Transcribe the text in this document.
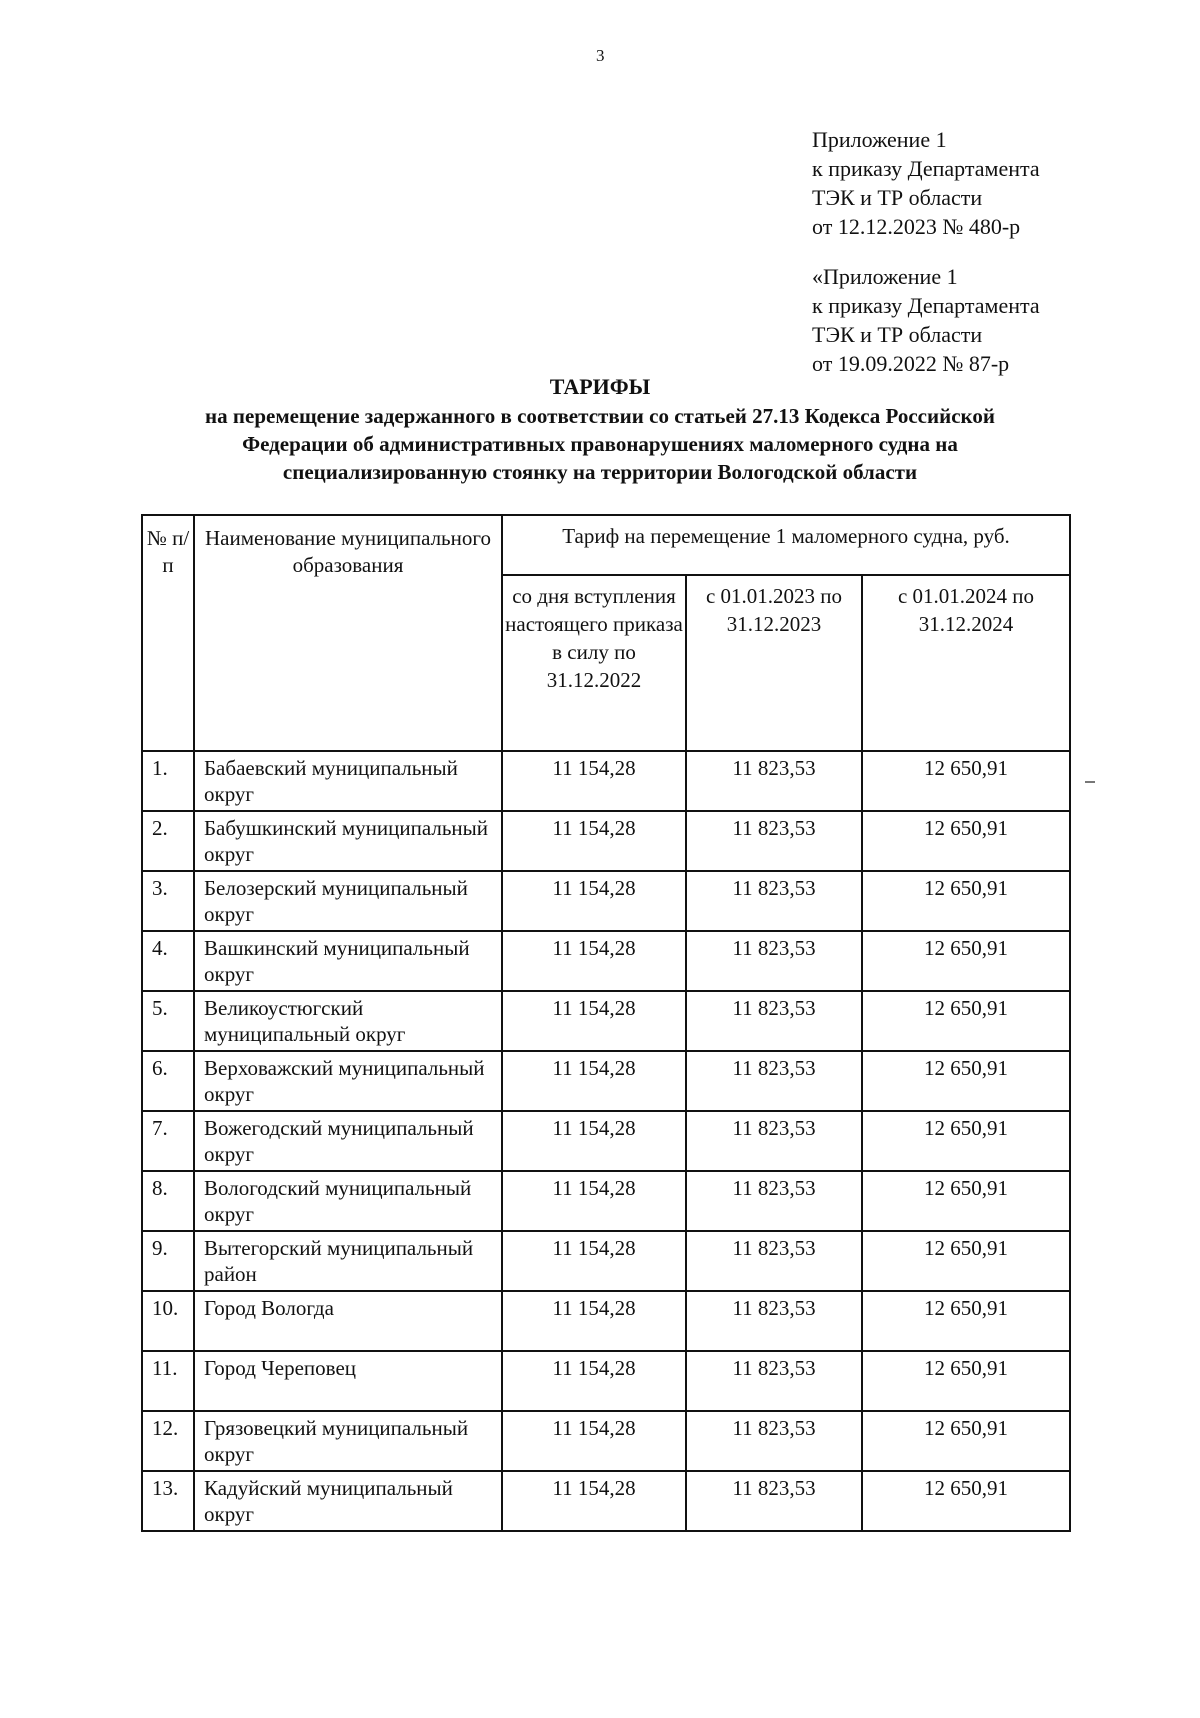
3
Приложение 1
к приказу Департамента
ТЭК и ТР области
от 12.12.2023 № 480-р
«Приложение 1
к приказу Департамента
ТЭК и ТР области
от 19.09.2022 № 87-р
ТАРИФЫ
на перемещение задержанного в соответствии со статьей 27.13 Кодекса Российской
Федерации об административных правонарушениях маломерного судна на
специализированную стоянку на территории Вологодской области
№ п/п	Наименование муниципального образования	Тариф на перемещение 1 маломерного судна, руб.		
		со дня вступления настоящего приказа в силу по 31.12.2022	с 01.01.2023 по 31.12.2023	с 01.01.2024 по 31.12.2024
1.	Бабаевский муниципальный округ	11 154,28	11 823,53	12 650,91
2.	Бабушкинский муниципальный округ	11 154,28	11 823,53	12 650,91
3.	Белозерский муниципальный округ	11 154,28	11 823,53	12 650,91
4.	Вашкинский муниципальный округ	11 154,28	11 823,53	12 650,91
5.	Великоустюгский муниципальный округ	11 154,28	11 823,53	12 650,91
6.	Верховажский муниципальный округ	11 154,28	11 823,53	12 650,91
7.	Вожегодский муниципальный округ	11 154,28	11 823,53	12 650,91
8.	Вологодский муниципальный округ	11 154,28	11 823,53	12 650,91
9.	Вытегорский муниципальный район	11 154,28	11 823,53	12 650,91
10.	Город Вологда	11 154,28	11 823,53	12 650,91
11.	Город Череповец	11 154,28	11 823,53	12 650,91
12.	Грязовецкий муниципальный округ	11 154,28	11 823,53	12 650,91
13.	Кадуйский муниципальный округ	11 154,28	11 823,53	12 650,91
